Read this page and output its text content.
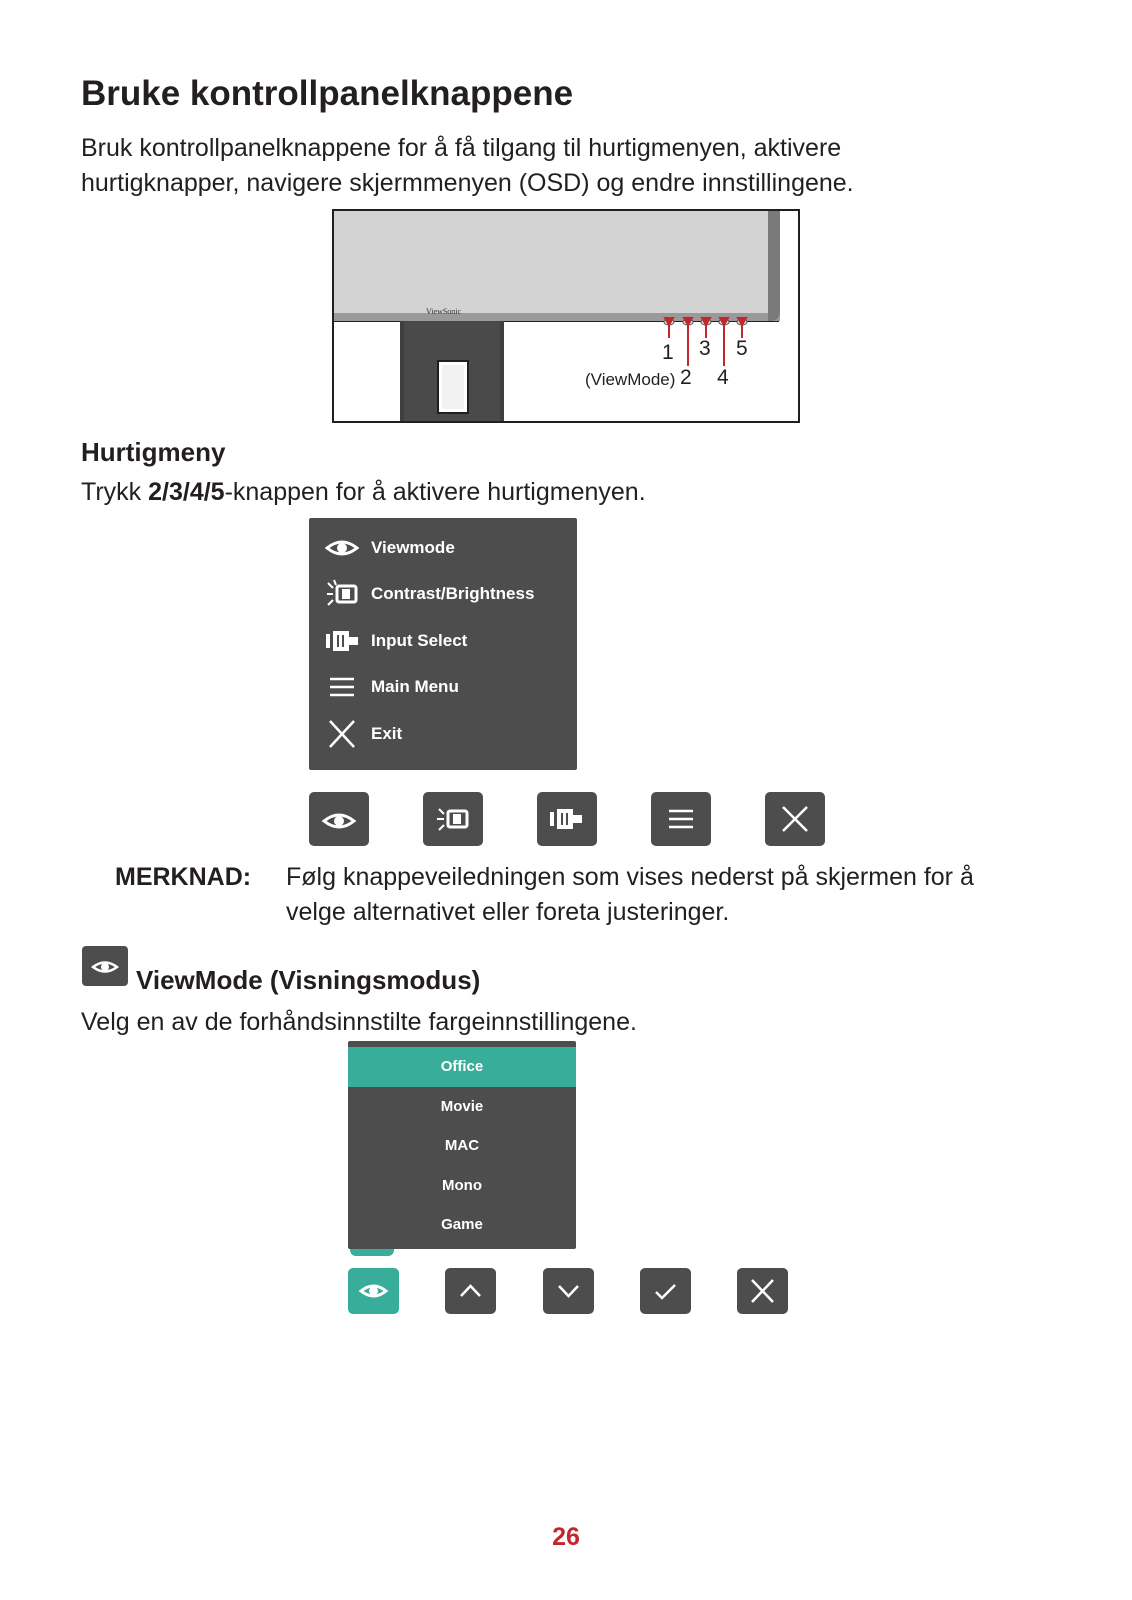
Bruke kontrollpanelknappene
Bruk kontrollpanelknappene for å få tilgang til hurtigmenyen, aktivere
hurtigknapper, navigere skjermmenyen (OSD) og endre innstillingene.
ViewSonic
1 3 5
(ViewMode) 2 4
Hurtigmeny
Trykk 2/3/4/5-knappen for å aktivere hurtigmenyen.
Viewmode
Contrast/Brightness
Input Select
Main Menu
Exit
MERKNAD: Følg knappeveiledningen som vises nederst på skjermen for å
velge alternativet eller foreta justeringer.
ViewMode (Visningsmodus)
Velg en av de forhåndsinnstilte fargeinnstillingene.
Office
Movie
MAC
Mono
Game
26
